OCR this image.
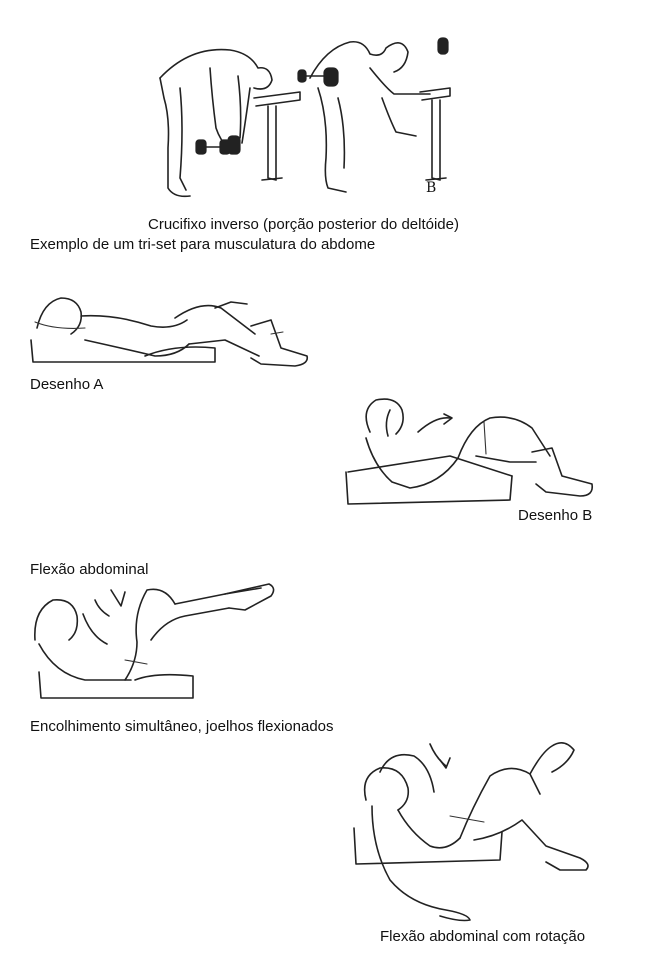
B
Crucifixo inverso (porção posterior do deltóide)
Exemplo de um tri-set para musculatura do abdome
Desenho A
Desenho B
Flexão abdominal
Encolhimento simultâneo, joelhos flexionados
Flexão abdominal com rotação
